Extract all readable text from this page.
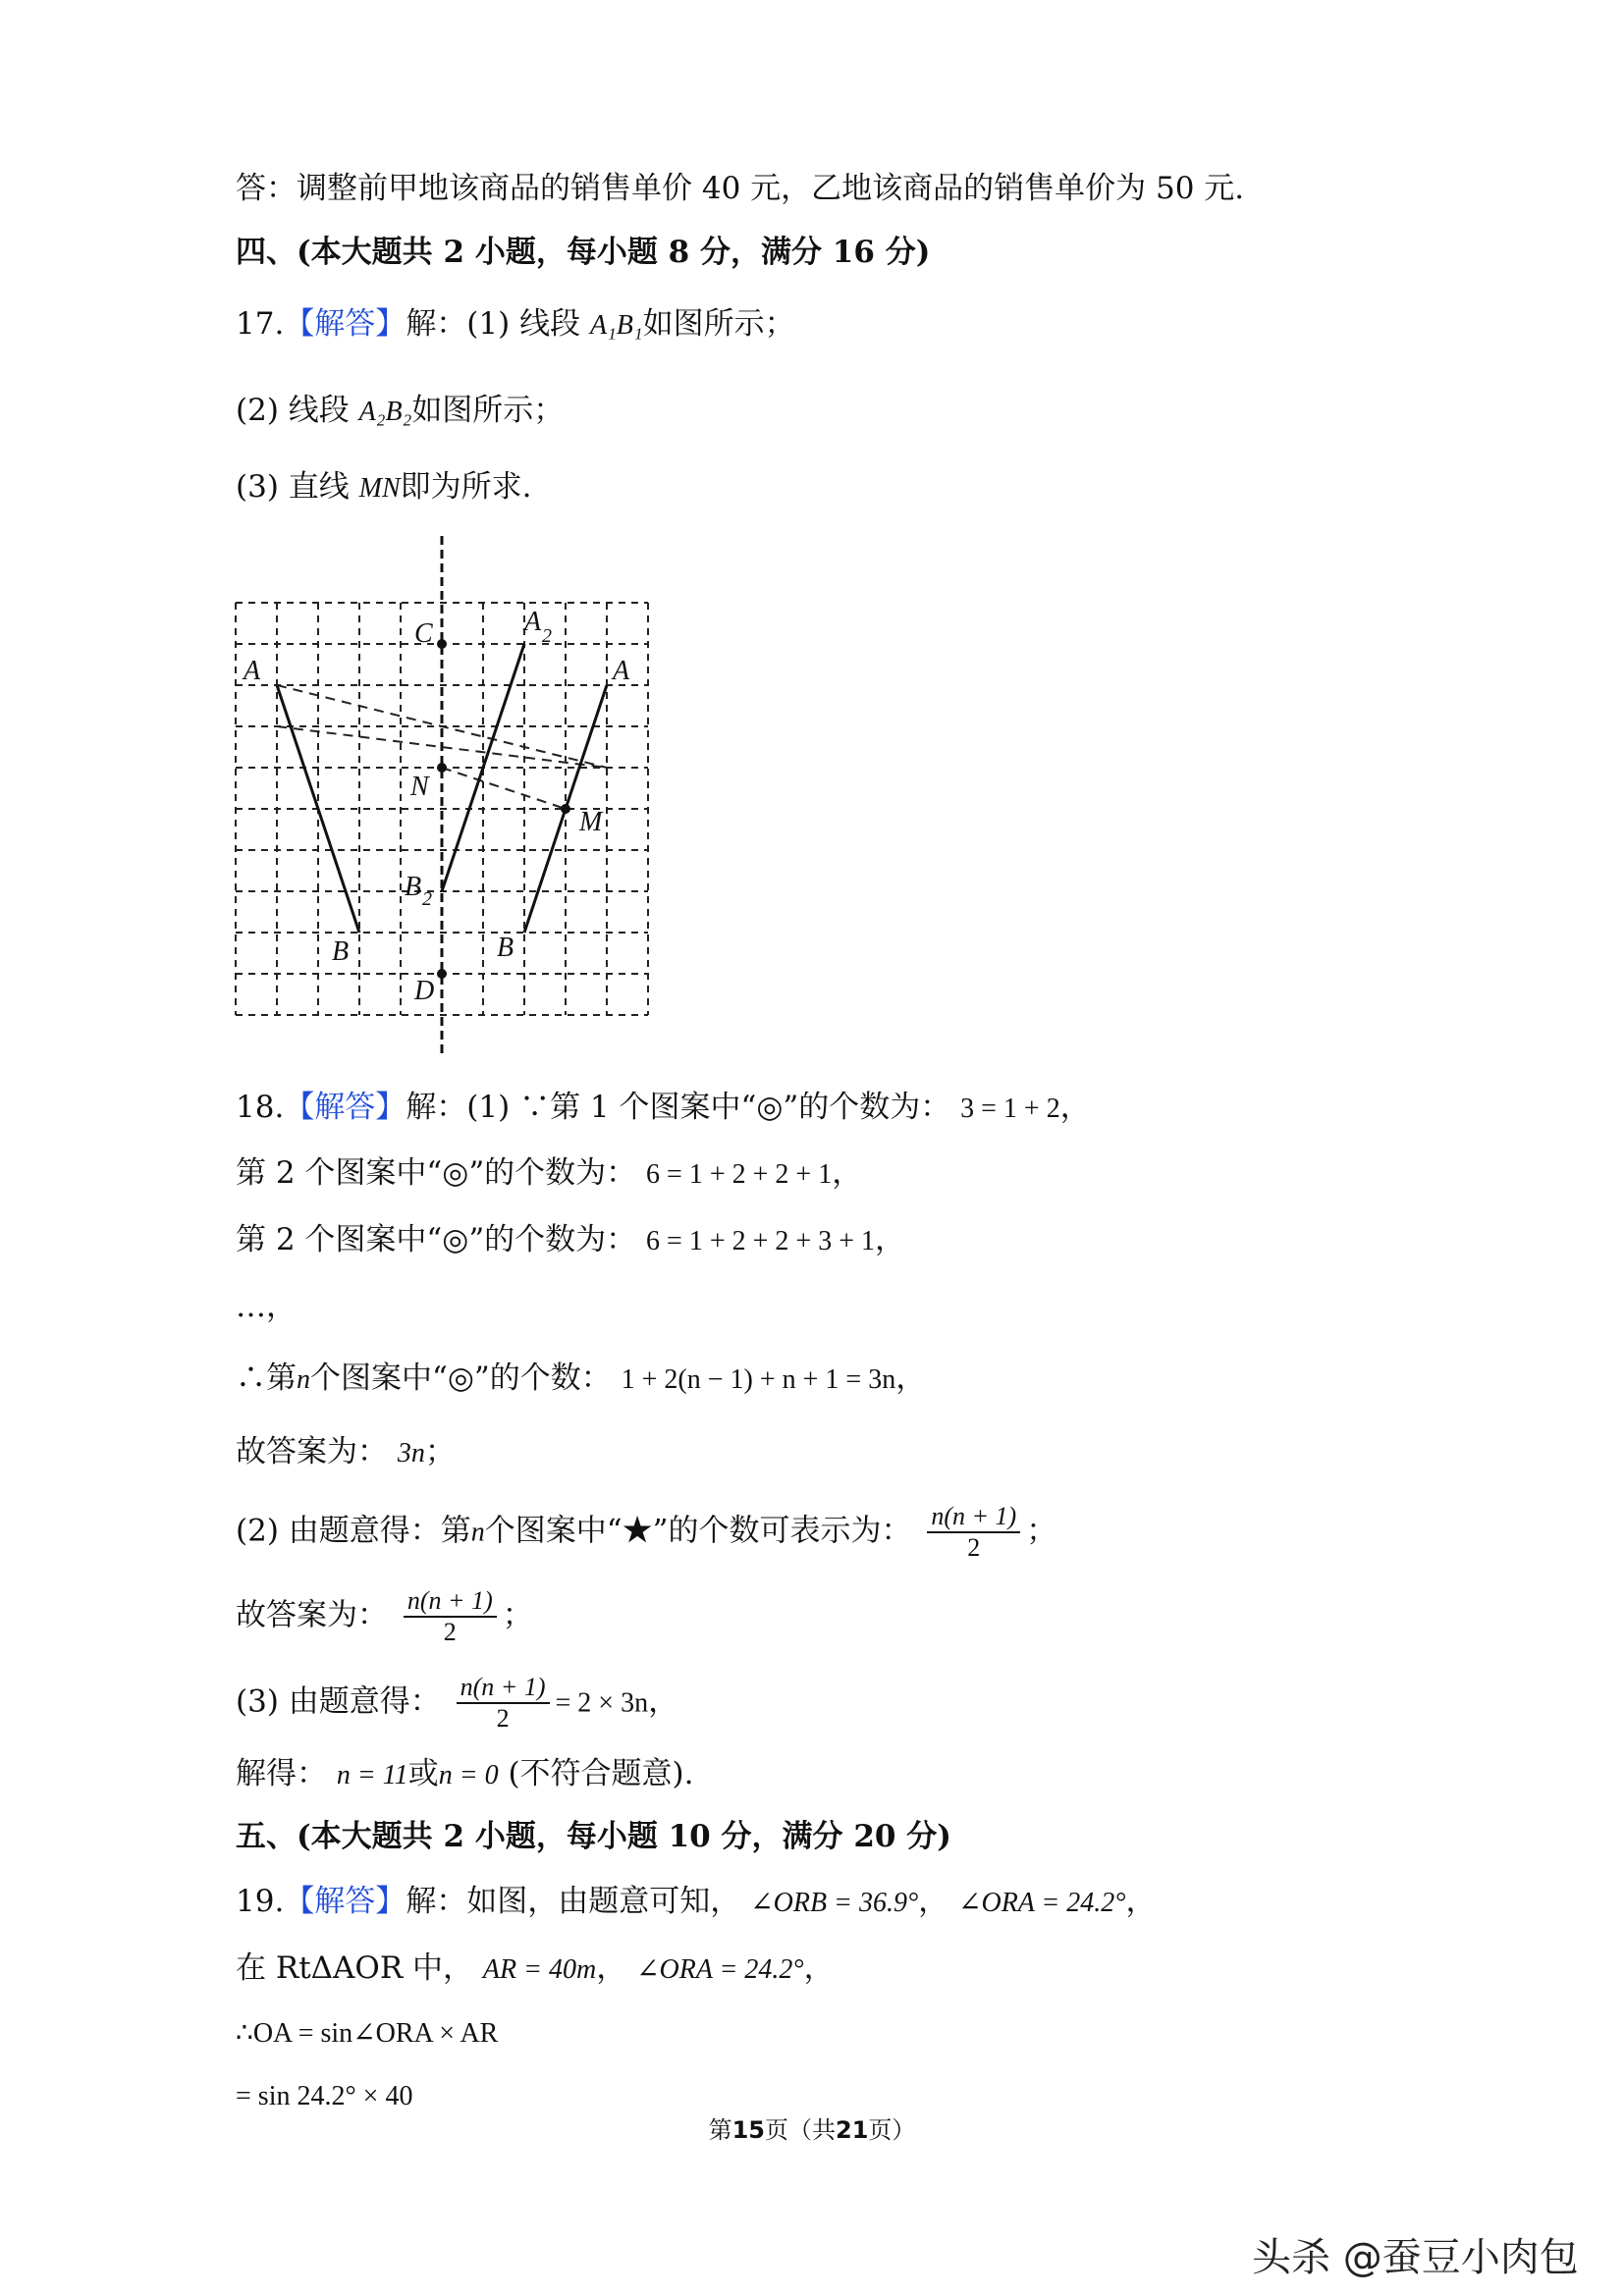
答：调整前甲地该商品的销售单价 40 元，乙地该商品的销售单价为 50 元.
四、(本大题共 2 小题，每小题 8 分，满分 16 分)
17.【解答】解：(1) 线段 A₁B₁如图所示；
(2) 线段 A₂B₂如图所示；
(3) 直线 MN即为所求.
C	A 2
A	A
N
M
B 2
B	B
D
18.【解答】解：(1) ∵第 1 个图案中“◎”的个数为： 3 = 1 + 2，
第 2 个图案中“◎”的个数为： 6 = 1 + 2 + 2 + 1，
第 2 个图案中“◎”的个数为： 6 = 1 + 2 + 2 + 3 + 1，
…，
∴第n个图案中“◎”的个数： 1 + 2(n − 1) + n + 1 = 3n，
故答案为： 3n；
(2) 由题意得：第n个图案中“★”的个数可表示为： $\frac{n(n + 1)}{2}$ ；
故答案为： $\frac{n(n + 1)}{2}$ ；
(3) 由题意得： $\frac{n(n + 1)}{2} = 2 \times 3n$，
解得： n = 11或n = 0 (不符合题意).
五、(本大题共 2 小题，每小题 10 分，满分 20 分)
19.【解答】解：如图，由题意可知， ∠ORB = 36.9°， ∠ORA = 24.2°，
在 RtΔAOR 中， AR = 40m， ∠ORA = 24.2°，
∴OA = sin∠ORA × AR
= sin 24.2° × 40
第15页（共21页）
头杀 @蚕豆小肉包
